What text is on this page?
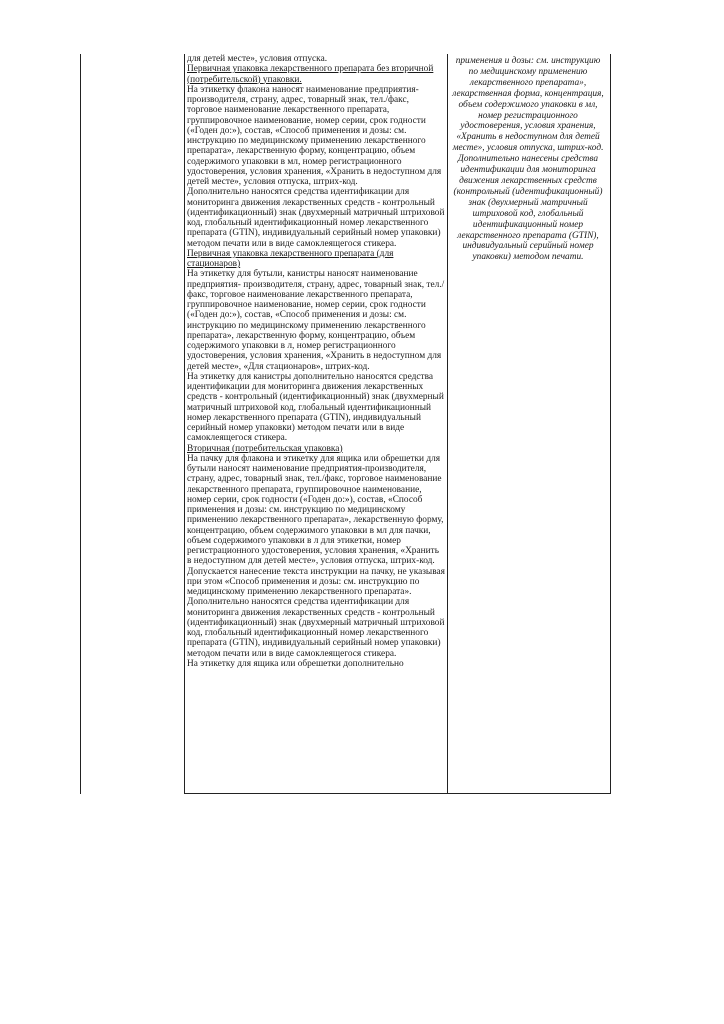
для детей месте», условия отпуска.

Первичная упаковка лекарственного препарата без вторичной (потребительской) упаковки.

На этикетку флакона наносят наименование предприятия-производителя, страну, адрес, товарный знак, тел./факс, торговое наименование лекарственного препарата, группировочное наименование, номер серии, срок годности («Годен до:»), состав, «Способ применения и дозы: см. инструкцию по медицинскому применению лекарственного препарата», лекарственную форму, концентрацию, объем содержимого упаковки в мл, номер регистрационного удостоверения, условия хранения, «Хранить в недоступном для детей месте», условия отпуска, штрих-код.

Дополнительно наносятся средства идентификации для мониторинга движения лекарственных средств - контрольный (идентификационный) знак (двухмерный матричный штриховой код, глобальный идентификационный номер лекарственного препарата (GTIN), индивидуальный серийный номер упаковки) методом печати или в виде самоклеящегося стикера.

Первичная упаковка лекарственного препарата (для стационаров)

На этикетку для бутыли, канистры наносят наименование предприятия- производителя, страну, адрес, товарный знак, тел./факс, торговое наименование лекарственного препарата, группировочное наименование, номер серии, срок годности («Годен до:»), состав, «Способ применения и дозы: см. инструкцию по медицинскому применению лекарственного препарата», лекарственную форму, концентрацию, объем содержимого упаковки в л, номер регистрационного удостоверения, условия хранения, «Хранить в недоступном для детей месте», «Для стационаров», штрих-код.

На этикетку для канистры дополнительно наносятся средства идентификации для мониторинга движения лекарственных средств - контрольный (идентификационный) знак (двухмерный матричный штриховой код, глобальный идентификационный номер лекарственного препарата (GTIN), индивидуальный серийный номер упаковки) методом печати или в виде самоклеящегося стикера.

Вторичная (потребительская упаковка)

На пачку для флакона и этикетку для ящика или обрешетки для бутыли наносят наименование предприятия-производителя, страну, адрес, товарный знак, тел./факс, торговое наименование лекарственного препарата, группировочное наименование, номер серии, срок годности («Годен до:»), состав, «Способ применения и дозы: см. инструкцию по медицинскому применению лекарственного препарата», лекарственную форму, концентрацию, объем содержимого упаковки в мл для пачки, объем содержимого упаковки в л для этикетки, номер регистрационного удостоверения, условия хранения, «Хранить в недоступном для детей месте», условия отпуска, штрих-код.

Допускается нанесение текста инструкции на пачку, не указывая при этом «Способ применения и дозы: см. инструкцию по медицинскому применению лекарственного препарата».

Дополнительно наносятся средства идентификации для мониторинга движения лекарственных средств - контрольный (идентификационный) знак (двухмерный матричный штриховой код, глобальный идентификационный номер лекарственного препарата (GTIN), индивидуальный серийный номер упаковки) методом печати или в виде самоклеящегося стикера.

На этикетку для ящика или обрешетки дополнительно

применения и дозы: см. инструкцию по медицинскому применению лекарственного препарата», лекарственная форма, концентрация, объем содержимого упаковки в мл, номер регистрационного удостоверения, условия хранения, «Хранить в недоступном для детей месте», условия отпуска, штрих-код.

Дополнительно нанесены средства идентификации для мониторинга движения лекарственных средств (контрольный (идентификационный) знак (двухмерный матричный штриховой код, глобальный идентификационный номер лекарственного препарата (GTIN), индивидуальный серийный номер упаковки) методом печати.
